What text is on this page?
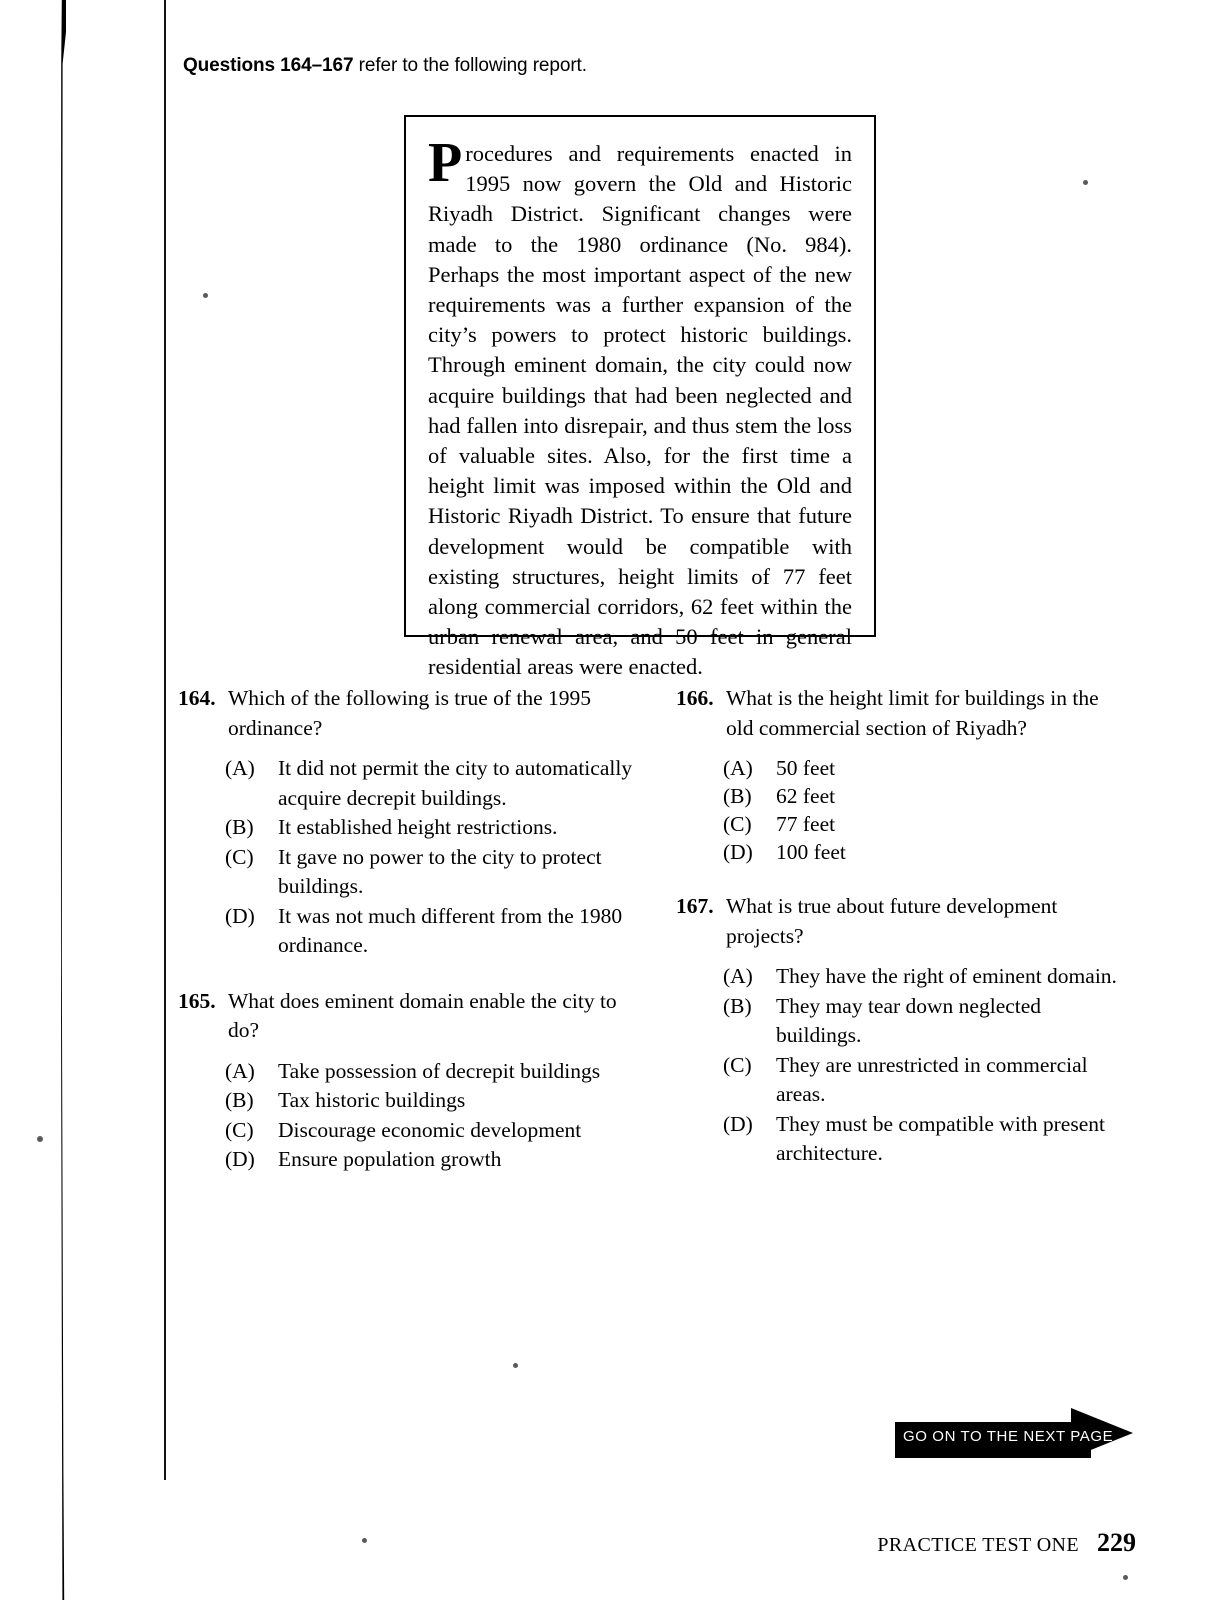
Questions 164–167 refer to the following report.
Procedures and requirements enacted in 1995 now govern the Old and Historic Riyadh District. Significant changes were made to the 1980 ordinance (No. 984). Perhaps the most important aspect of the new requirements was a further expansion of the city’s powers to protect historic buildings. Through eminent domain, the city could now acquire buildings that had been neglected and had fallen into disrepair, and thus stem the loss of valuable sites. Also, for the first time a height limit was imposed within the Old and Historic Riyadh District. To ensure that future development would be compatible with existing structures, height limits of 77 feet along commercial corridors, 62 feet within the urban renewal area, and 50 feet in general residential areas were enacted.
164. Which of the following is true of the 1995 ordinance?
(A)	It did not permit the city to automatically acquire decrepit buildings.
(B)	It established height restrictions.
(C)	It gave no power to the city to protect buildings.
(D)	It was not much different from the 1980 ordinance.
165. What does eminent domain enable the city to do?
(A)	Take possession of decrepit buildings
(B)	Tax historic buildings
(C)	Discourage economic development
(D)	Ensure population growth
166. What is the height limit for buildings in the old commercial section of Riyadh?
(A)	50 feet
(B)	62 feet
(C)	77 feet
(D)	100 feet
167. What is true about future development projects?
(A)	They have the right of eminent domain.
(B)	They may tear down neglected buildings.
(C)	They are unrestricted in commercial areas.
(D)	They must be compatible with present architecture.
GO ON TO THE NEXT PAGE
PRACTICE TEST ONE 229
